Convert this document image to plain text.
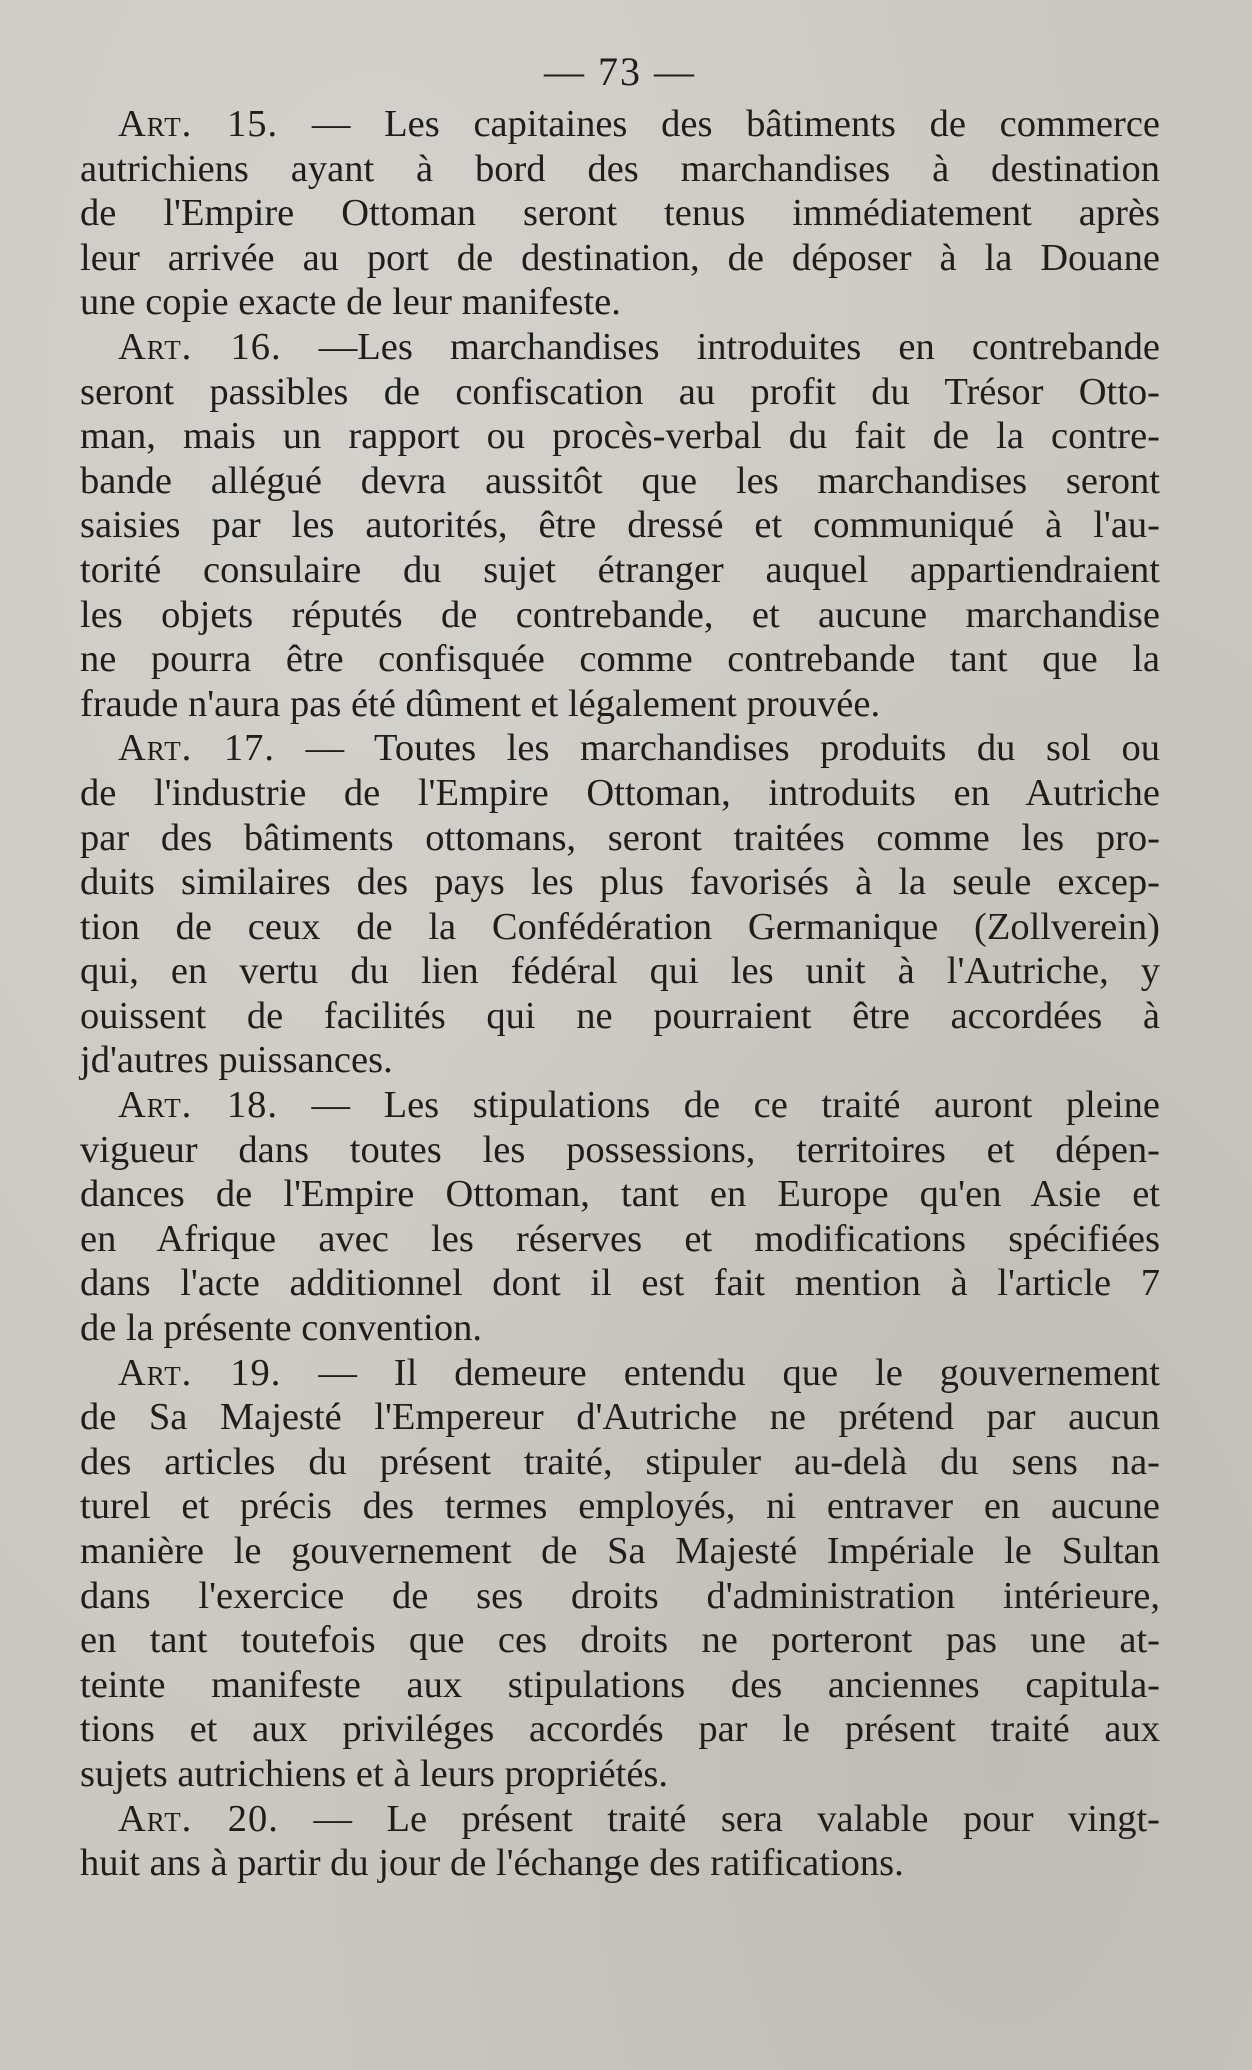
— 73 —
Art. 15. — Les capitaines des bâtiments de commerce
autrichiens ayant à bord des marchandises à destination
de l'Empire Ottoman seront tenus immédiatement après
leur arrivée au port de destination, de déposer à la Douane
une copie exacte de leur manifeste.
Art. 16. —Les marchandises introduites en contrebande
seront passibles de confiscation au profit du Trésor Otto-
man, mais un rapport ou procès-verbal du fait de la contre-
bande allégué devra aussitôt que les marchandises seront
saisies par les autorités, être dressé et communiqué à l'au-
torité consulaire du sujet étranger auquel appartiendraient
les objets réputés de contrebande, et aucune marchandise
ne pourra être confisquée comme contrebande tant que la
fraude n'aura pas été dûment et légalement prouvée.
Art. 17. — Toutes les marchandises produits du sol ou
de l'industrie de l'Empire Ottoman, introduits en Autriche
par des bâtiments ottomans, seront traitées comme les pro-
duits similaires des pays les plus favorisés à la seule excep-
tion de ceux de la Confédération Germanique (Zollverein)
qui, en vertu du lien fédéral qui les unit à l'Autriche, y
ouissent de facilités qui ne pourraient être accordées à
jd'autres puissances.
Art. 18. — Les stipulations de ce traité auront pleine
vigueur dans toutes les possessions, territoires et dépen-
dances de l'Empire Ottoman, tant en Europe qu'en Asie et
en Afrique avec les réserves et modifications spécifiées
dans l'acte additionnel dont il est fait mention à l'article 7
de la présente convention.
Art. 19. — Il demeure entendu que le gouvernement
de Sa Majesté l'Empereur d'Autriche ne prétend par aucun
des articles du présent traité, stipuler au-delà du sens na-
turel et précis des termes employés, ni entraver en aucune
manière le gouvernement de Sa Majesté Impériale le Sultan
dans l'exercice de ses droits d'administration intérieure,
en tant toutefois que ces droits ne porteront pas une at-
teinte manifeste aux stipulations des anciennes capitula-
tions et aux priviléges accordés par le présent traité aux
sujets autrichiens et à leurs propriétés.
Art. 20. — Le présent traité sera valable pour vingt-
huit ans à partir du jour de l'échange des ratifications.
